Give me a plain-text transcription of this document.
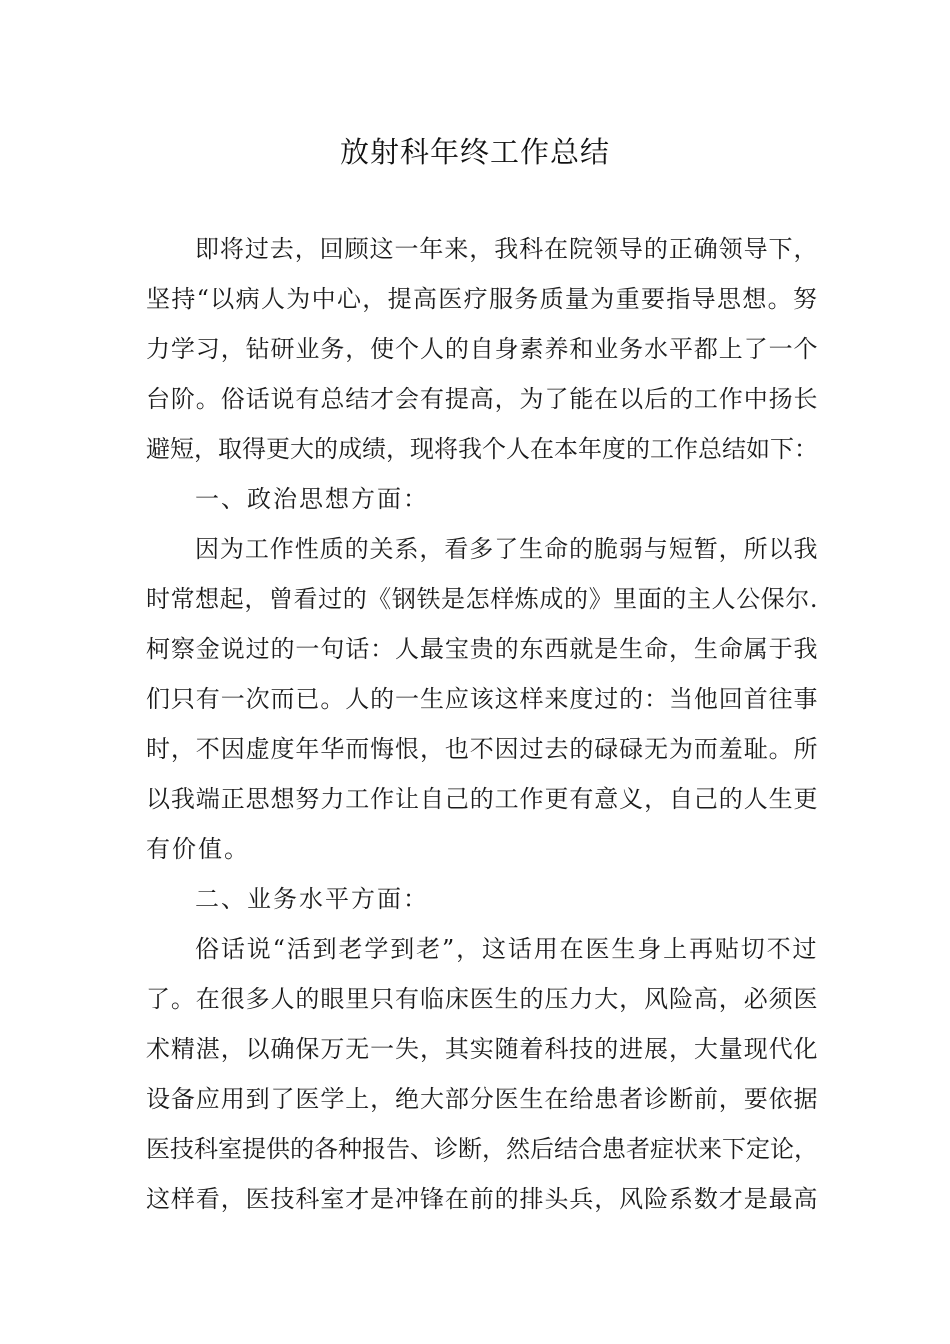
放射科年终工作总结
即将过去，回顾这一年来，我科在院领导的正确领导下，
坚持“以病人为中心，提高医疗服务质量为重要指导思想。努
力学习，钻研业务，使个人的自身素养和业务水平都上了一个
台阶。俗话说有总结才会有提高，为了能在以后的工作中扬长
避短，取得更大的成绩，现将我个人在本年度的工作总结如下：
一、政治思想方面：
因为工作性质的关系，看多了生命的脆弱与短暂，所以我
时常想起，曾看过的《钢铁是怎样炼成的》里面的主人公保尔.
柯察金说过的一句话：人最宝贵的东西就是生命，生命属于我
们只有一次而已。人的一生应该这样来度过的：当他回首往事
时，不因虚度年华而悔恨，也不因过去的碌碌无为而羞耻。所
以我端正思想努力工作让自己的工作更有意义，自己的人生更
有价值。
二、业务水平方面：
俗话说“活到老学到老”，这话用在医生身上再贴切不过
了。在很多人的眼里只有临床医生的压力大，风险高，必须医
术精湛，以确保万无一失，其实随着科技的进展，大量现代化
设备应用到了医学上，绝大部分医生在给患者诊断前，要依据
医技科室提供的各种报告、诊断，然后结合患者症状来下定论，
这样看，医技科室才是冲锋在前的排头兵，风险系数才是最高
